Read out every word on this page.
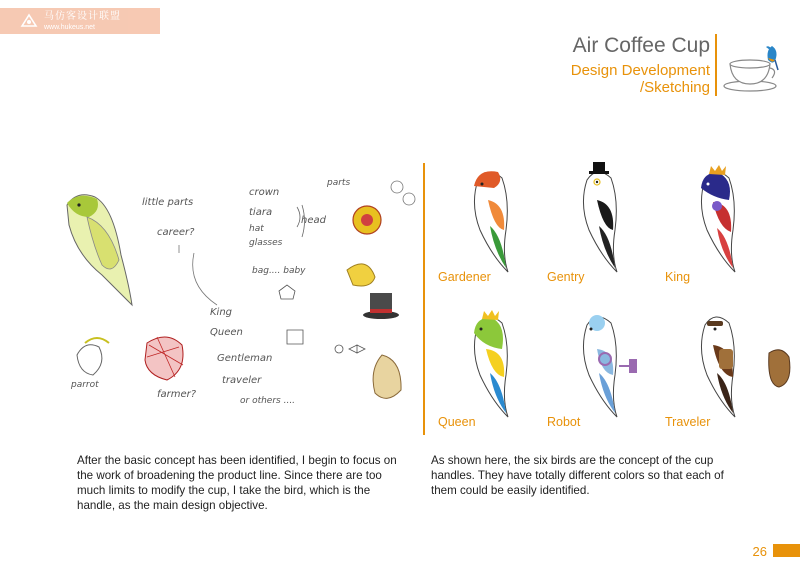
马仿客设计联盟
www.hukeus.net
Air Coffee Cup
Design Development
/Sketching
little parts
career?
crown
tiara
hat
glasses
head
bag.... baby
parts
King
Queen
Gentleman
traveler
or others ....
parrot
farmer?
Gardener	Gentry	King
Queen	Robot	Traveler

After the basic concept has been identified, I begin to focus on the work of broadening the product line. Since there are too much limits to modify the cup, I take the bird, which is the handle, as the main design objective.

As shown here, the six birds are the concept of the cup handles. They have totally different colors so that each of them could be easily identified.

26
